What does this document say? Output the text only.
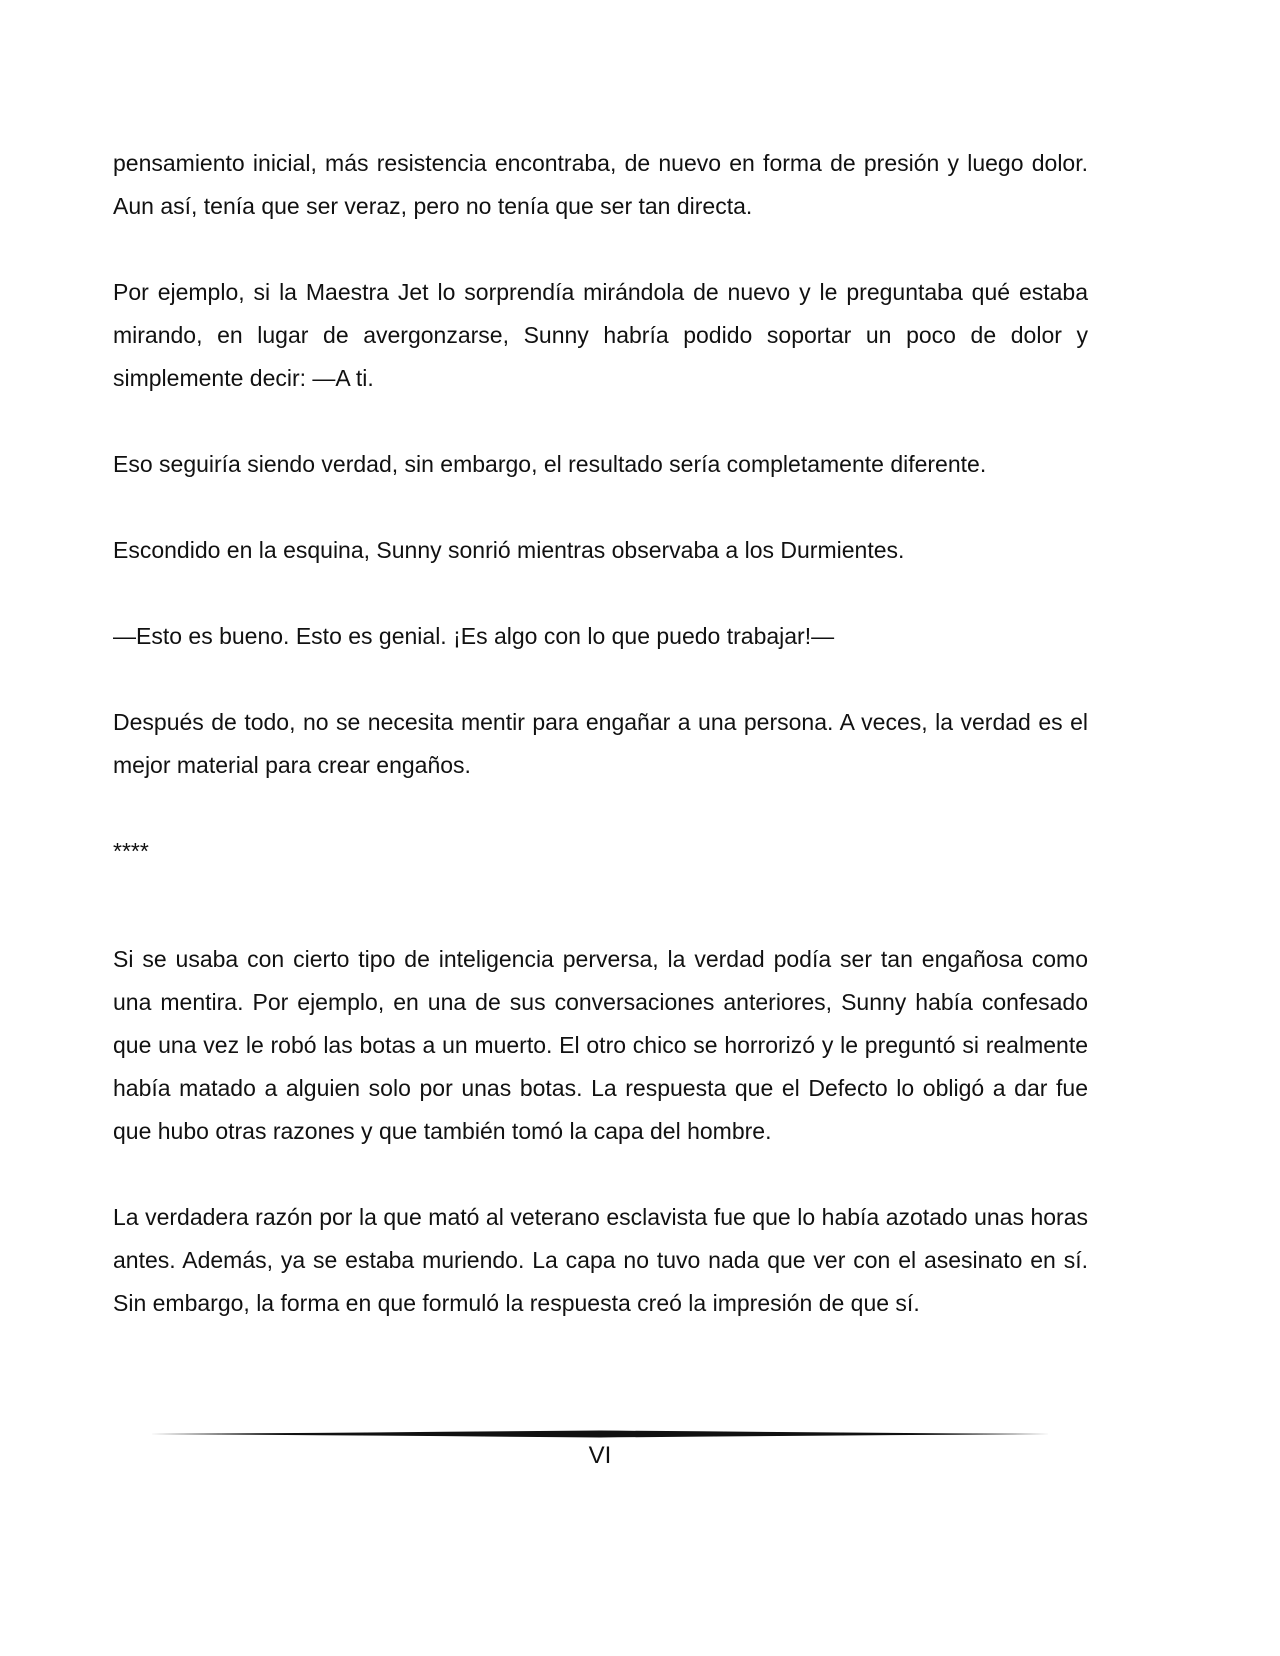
pensamiento inicial, más resistencia encontraba, de nuevo en forma de presión y luego dolor. Aun así, tenía que ser veraz, pero no tenía que ser tan directa.

Por ejemplo, si la Maestra Jet lo sorprendía mirándola de nuevo y le preguntaba qué estaba mirando, en lugar de avergonzarse, Sunny habría podido soportar un poco de dolor y simplemente decir: —A ti.

Eso seguiría siendo verdad, sin embargo, el resultado sería completamente diferente.

Escondido en la esquina, Sunny sonrió mientras observaba a los Durmientes.

—Esto es bueno. Esto es genial. ¡Es algo con lo que puedo trabajar!—

Después de todo, no se necesita mentir para engañar a una persona. A veces, la verdad es el mejor material para crear engaños.

****

Si se usaba con cierto tipo de inteligencia perversa, la verdad podía ser tan engañosa como una mentira. Por ejemplo, en una de sus conversaciones anteriores, Sunny había confesado que una vez le robó las botas a un muerto. El otro chico se horrorizó y le preguntó si realmente había matado a alguien solo por unas botas. La respuesta que el Defecto lo obligó a dar fue que hubo otras razones y que también tomó la capa del hombre.

La verdadera razón por la que mató al veterano esclavista fue que lo había azotado unas horas antes. Además, ya se estaba muriendo. La capa no tuvo nada que ver con el asesinato en sí. Sin embargo, la forma en que formuló la respuesta creó la impresión de que sí.

VI
